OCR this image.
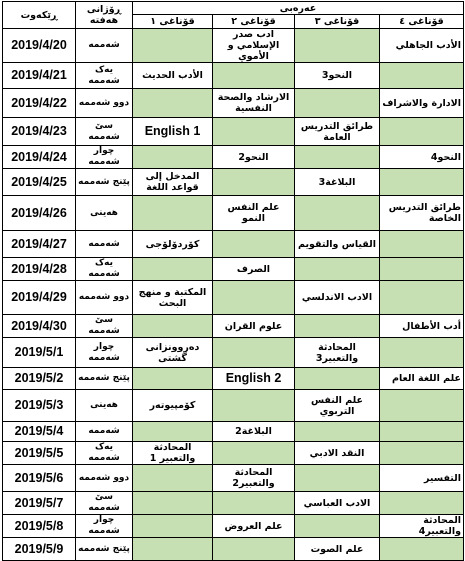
ڕێکەوت	ڕۆژانی هەفتە	عەرەبی			
		قۆناغی ١	قۆناغی ٢	قۆناغی ٣	قۆناغی ٤
2019/4/20	شەممە		ادب صدر الإسلامي و الأموي		الأدب الجاهلي
2019/4/21	یەک شەممە	الأدب الحديث		النحو3	
2019/4/22	دوو شەممە		الارشاد والصحة النفسية		الادارة والاشراف
2019/4/23	سێ شەممە	English 1		طرائق التدريس العامة	
2019/4/24	چوار شەممە		النحو2		النحو4
2019/4/25	پێنج شەممە	المدخل إلى قواعد اللغة		البلاغة3	
2019/4/26	هەینی		علم النفس النمو		طرائق التدريس الخاصة
2019/4/27	شەممە	کۆردۆلۆجی		القياس والتقويم	
2019/4/28	یەک شەممە		الصرف		
2019/4/29	دوو شەممە	المكتبة و منهج البحث		الادب الاندلسي	
2019/4/30	سێ شەممە		علوم القران		أدب الأطفال
2019/5/1	چوار شەممە	دەروونزانی گشتی		المحادثة والتعبير3	
2019/5/2	پێنج شەممە		English 2		علم اللغة العام
2019/5/3	هەینی	کۆمپیوتەر		علم النفس التربوي	
2019/5/4	شەممە		البلاغة2		
2019/5/5	یەک شەممە	المحادثة والتعبير 1		النقد الادبي	
2019/5/6	دوو شەممە		المحادثة والتعبير2		التفسير
2019/5/7	سێ شەممە			الادب العباسي	
2019/5/8	چوار شەممە		علم العروض		المحادثة والتعبير4
2019/5/9	پێنج شەممە			علم الصوت	
